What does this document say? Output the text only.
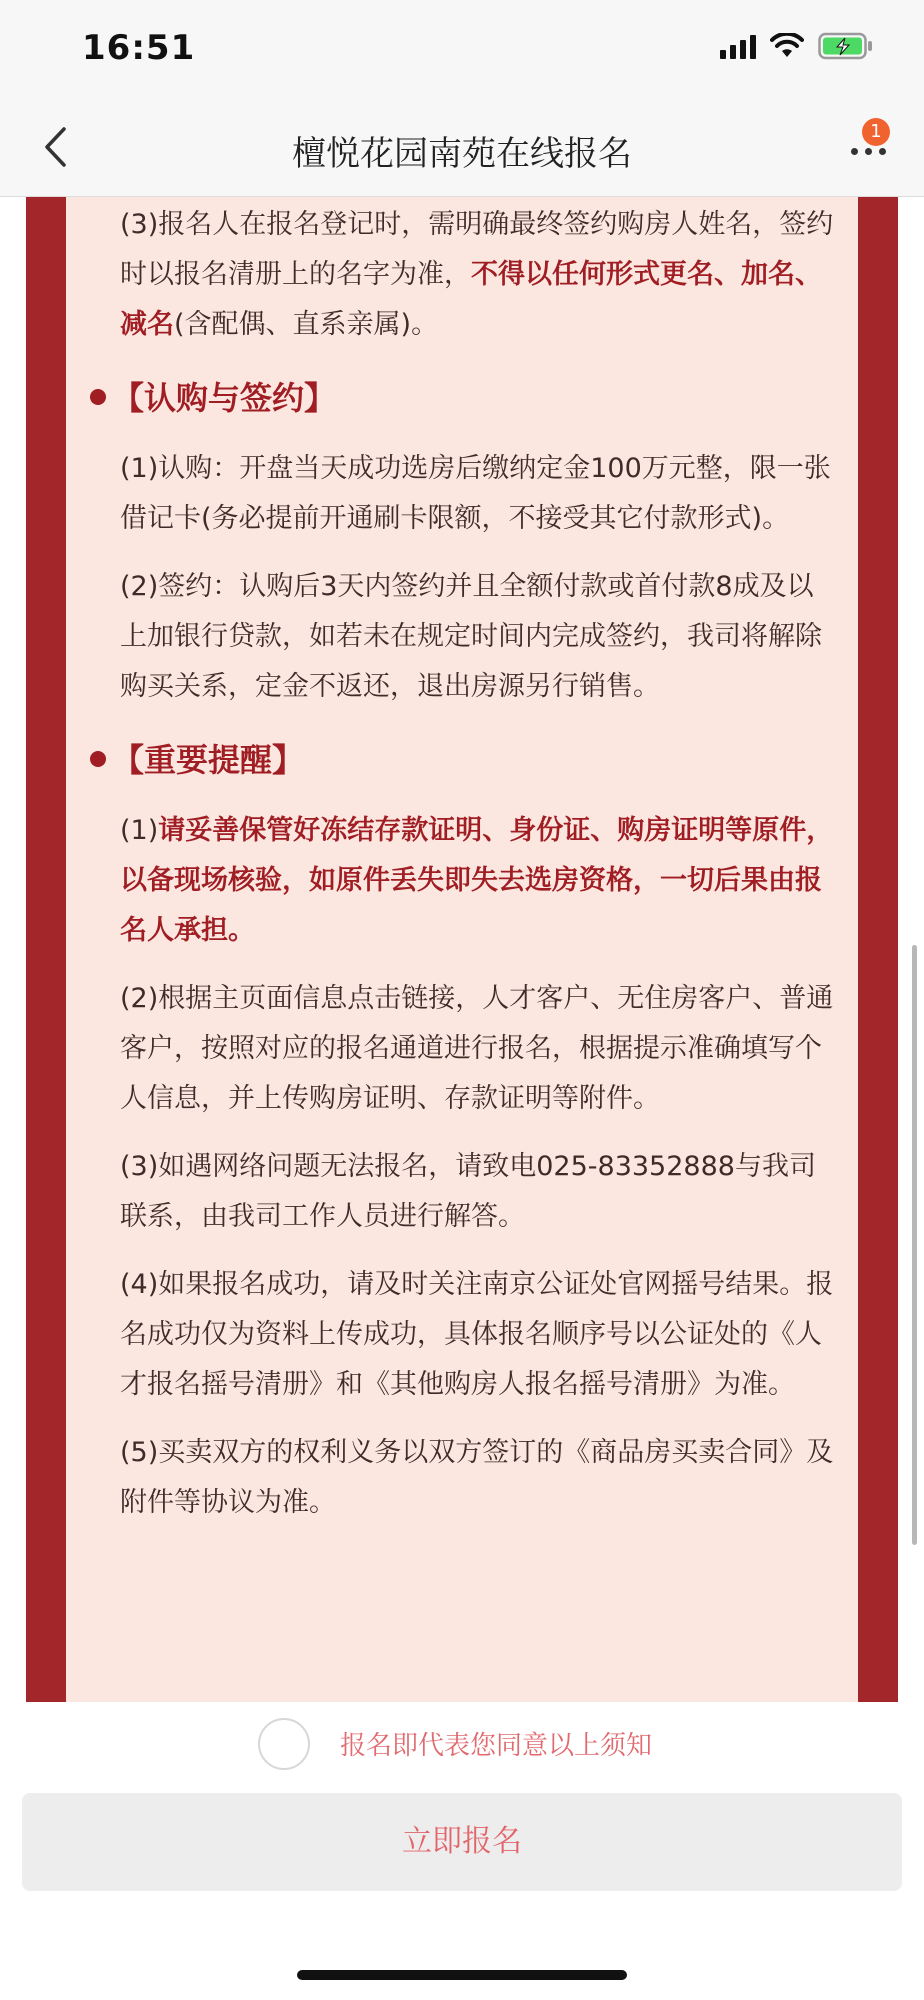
16:51
檀悦花园南苑在线报名
1

(3)报名人在报名登记时，需明确最终签约购房人姓名，签约时以报名清册上的名字为准，不得以任何形式更名、加名、减名(含配偶、直系亲属)。

【认购与签约】

(1)认购：开盘当天成功选房后缴纳定金100万元整，限一张借记卡(务必提前开通刷卡限额，不接受其它付款形式)。

(2)签约：认购后3天内签约并且全额付款或首付款8成及以上加银行贷款，如若未在规定时间内完成签约，我司将解除购买关系，定金不返还，退出房源另行销售。

【重要提醒】

(1)请妥善保管好冻结存款证明、身份证、购房证明等原件，以备现场核验，如原件丢失即失去选房资格，一切后果由报名人承担。

(2)根据主页面信息点击链接，人才客户、无住房客户、普通客户，按照对应的报名通道进行报名，根据提示准确填写个人信息，并上传购房证明、存款证明等附件。

(3)如遇网络问题无法报名，请致电025-83352888与我司联系，由我司工作人员进行解答。

(4)如果报名成功，请及时关注南京公证处官网摇号结果。报名成功仅为资料上传成功，具体报名顺序号以公证处的《人才报名摇号清册》和《其他购房人报名摇号清册》为准。

(5)买卖双方的权利义务以双方签订的《商品房买卖合同》及附件等协议为准。

报名即代表您同意以上须知
立即报名
